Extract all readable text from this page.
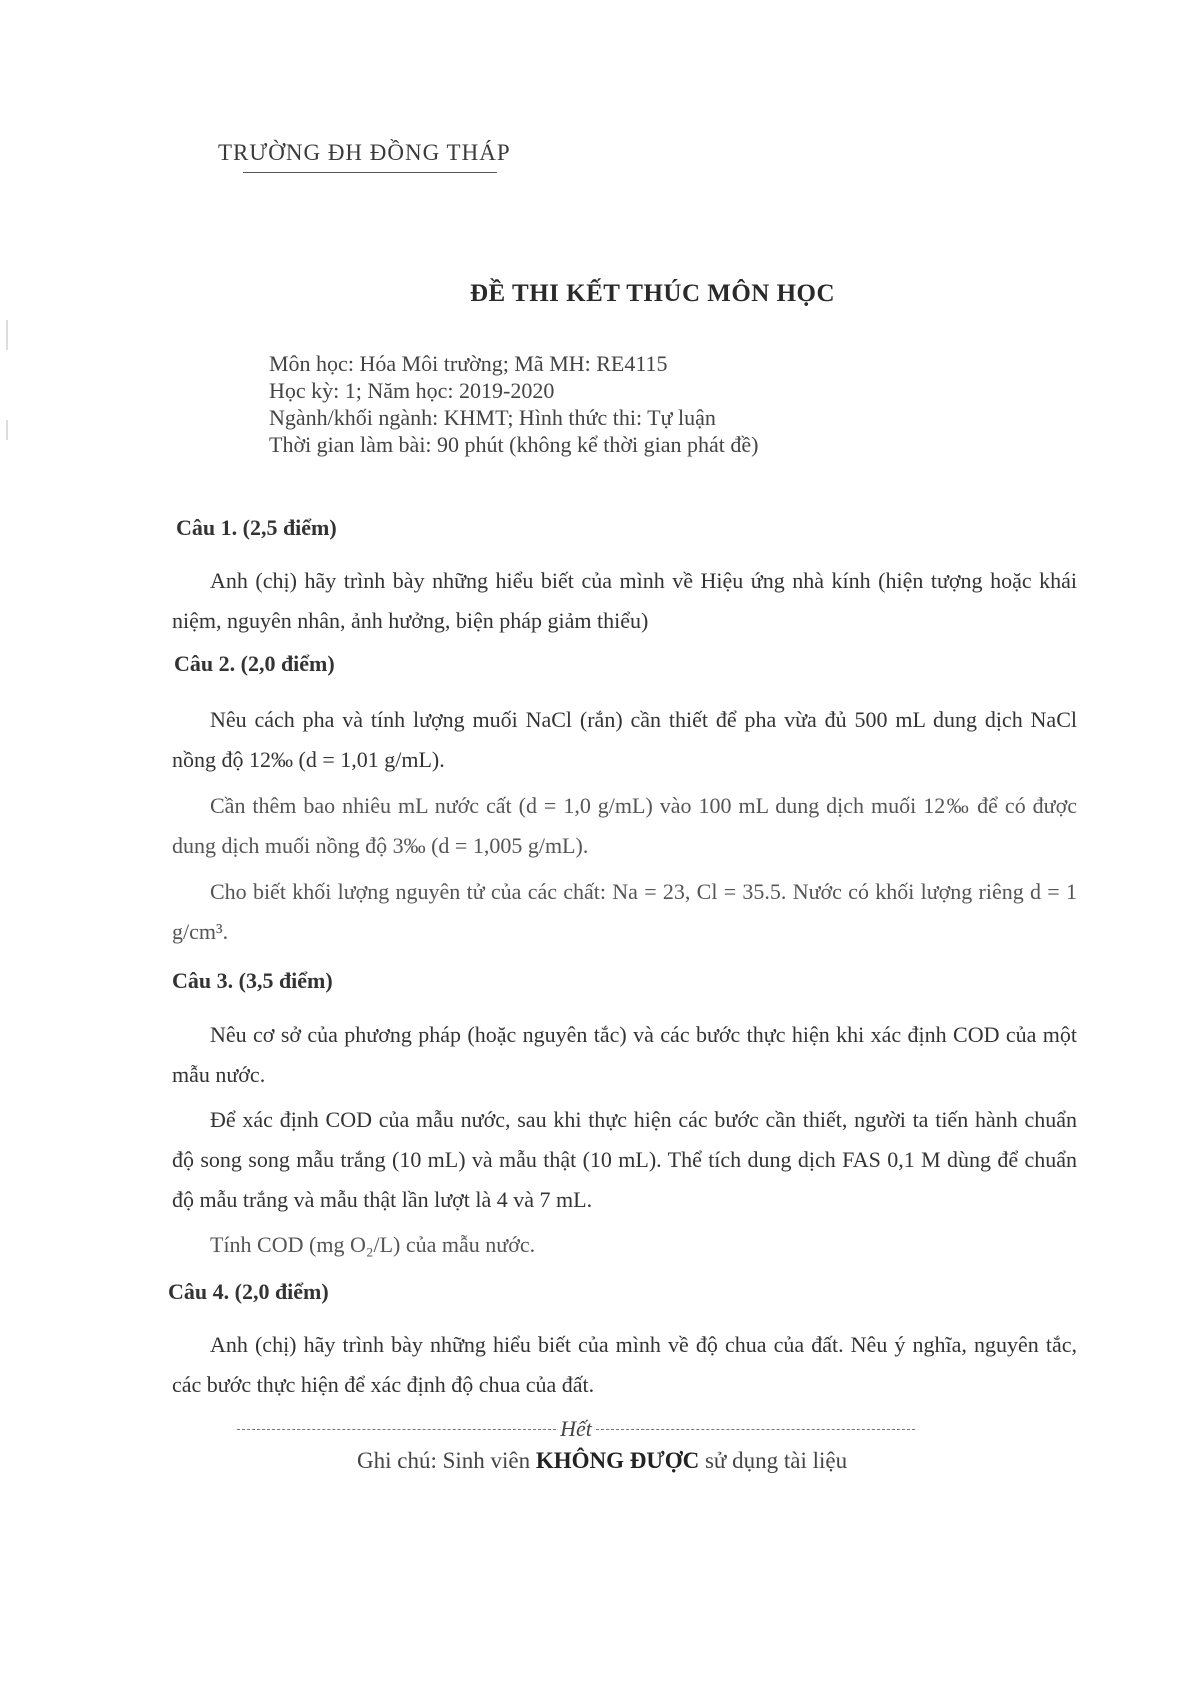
TRƯỜNG ĐH ĐỒNG THÁP
ĐỀ THI KẾT THÚC MÔN HỌC
Môn học: Hóa Môi trường; Mã MH: RE4115
Học kỳ: 1; Năm học: 2019-2020
Ngành/khối ngành: KHMT; Hình thức thi: Tự luận
Thời gian làm bài: 90 phút (không kể thời gian phát đề)
Câu 1. (2,5 điểm)
Anh (chị) hãy trình bày những hiểu biết của mình về Hiệu ứng nhà kính (hiện tượng hoặc khái niệm, nguyên nhân, ảnh hưởng, biện pháp giảm thiểu)
Câu 2. (2,0 điểm)
Nêu cách pha và tính lượng muối NaCl (rắn) cần thiết để pha vừa đủ 500 mL dung dịch NaCl nồng độ 12‰ (d = 1,01 g/mL).
Cần thêm bao nhiêu mL nước cất (d = 1,0 g/mL) vào 100 mL dung dịch muối 12‰ để có được dung dịch muối nồng độ 3‰ (d = 1,005 g/mL).
Cho biết khối lượng nguyên tử của các chất: Na = 23, Cl = 35.5. Nước có khối lượng riêng d = 1 g/cm³.
Câu 3. (3,5 điểm)
Nêu cơ sở của phương pháp (hoặc nguyên tắc) và các bước thực hiện khi xác định COD của một mẫu nước.
Để xác định COD của mẫu nước, sau khi thực hiện các bước cần thiết, người ta tiến hành chuẩn độ song song mẫu trắng (10 mL) và mẫu thật (10 mL). Thể tích dung dịch FAS 0,1 M dùng để chuẩn độ mẫu trắng và mẫu thật lần lượt là 4 và 7 mL.
Tính COD (mg O₂/L) của mẫu nước.
Câu 4. (2,0 điểm)
Anh (chị) hãy trình bày những hiểu biết của mình về độ chua của đất. Nêu ý nghĩa, nguyên tắc, các bước thực hiện để xác định độ chua của đất.
Hết
Ghi chú: Sinh viên KHÔNG ĐƯỢC sử dụng tài liệu
